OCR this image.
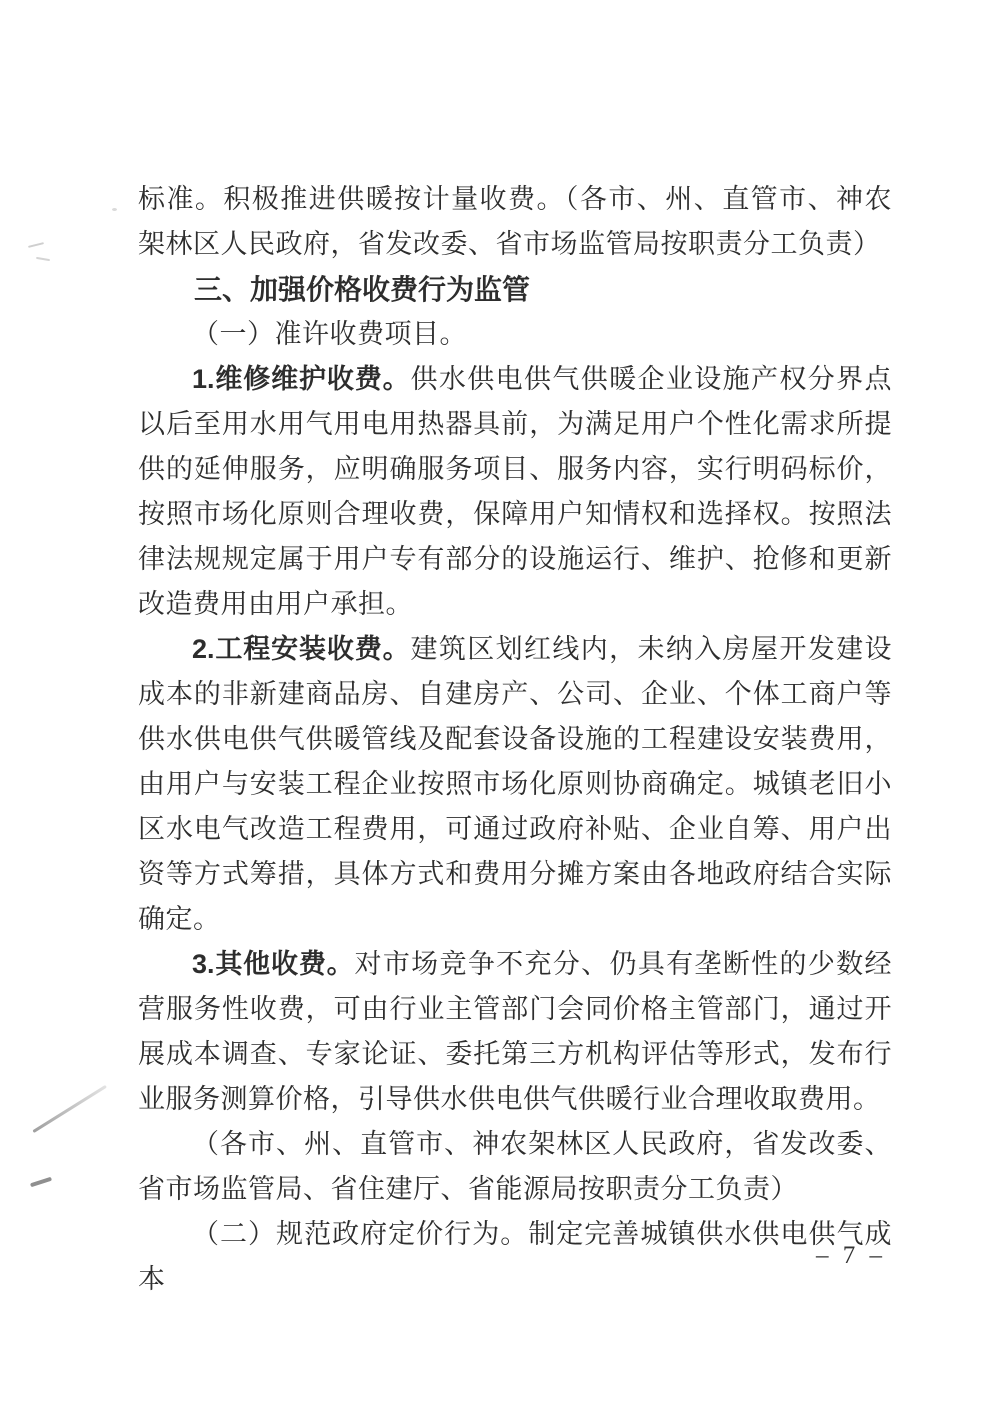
标准。积极推进供暖按计量收费。（各市、州、直管市、神农架林区人民政府，省发改委、省市场监管局按职责分工负责）

三、加强价格收费行为监管

（一）准许收费项目。

1.维修维护收费。供水供电供气供暖企业设施产权分界点以后至用水用气用电用热器具前，为满足用户个性化需求所提供的延伸服务，应明确服务项目、服务内容，实行明码标价，按照市场化原则合理收费，保障用户知情权和选择权。按照法律法规规定属于用户专有部分的设施运行、维护、抢修和更新改造费用由用户承担。

2.工程安装收费。建筑区划红线内，未纳入房屋开发建设成本的非新建商品房、自建房产、公司、企业、个体工商户等供水供电供气供暖管线及配套设备设施的工程建设安装费用，由用户与安装工程企业按照市场化原则协商确定。城镇老旧小区水电气改造工程费用，可通过政府补贴、企业自筹、用户出资等方式筹措，具体方式和费用分摊方案由各地政府结合实际确定。

3.其他收费。对市场竞争不充分、仍具有垄断性的少数经营服务性收费，可由行业主管部门会同价格主管部门，通过开展成本调查、专家论证、委托第三方机构评估等形式，发布行业服务测算价格，引导供水供电供气供暖行业合理收取费用。

（各市、州、直管市、神农架林区人民政府，省发改委、省市场监管局、省住建厅、省能源局按职责分工负责）

（二）规范政府定价行为。制定完善城镇供水供电供气成本

– 7 –
